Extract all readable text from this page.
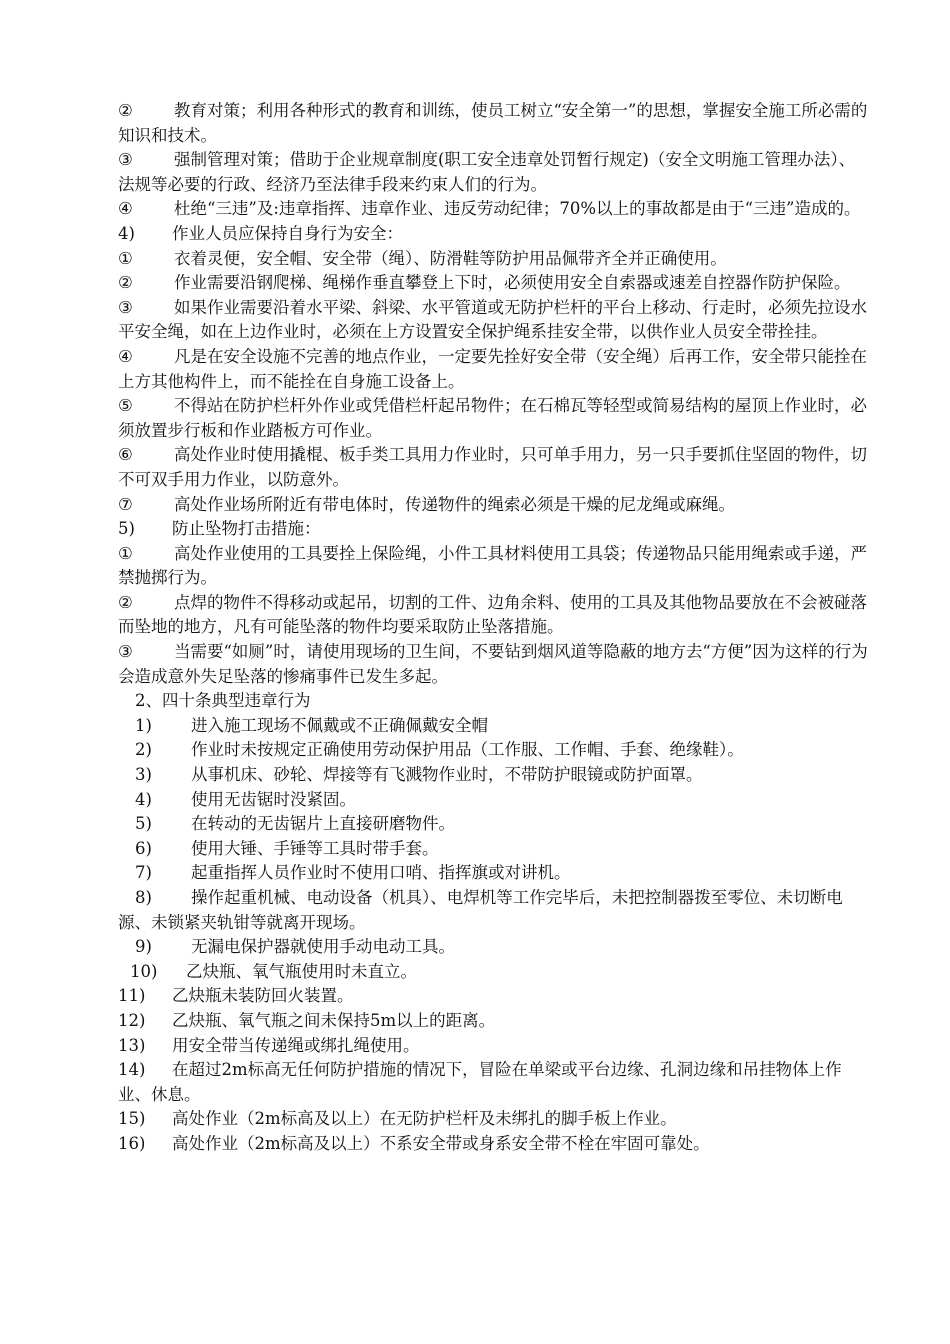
② 教育对策；利用各种形式的教育和训练，使员工树立“安全第一”的思想，掌握安全施工所必需的知识和技术。

③ 强制管理对策；借助于企业规章制度(职工安全违章处罚暂行规定)（安全文明施工管理办法）、法规等必要的行政、经济乃至法律手段来约束人们的行为。

④ 杜绝“三违”及:违章指挥、违章作业、违反劳动纪律；70%以上的事故都是由于“三违”造成的。

4) 作业人员应保持自身行为安全：

① 衣着灵便，安全帽、安全带（绳）、防滑鞋等防护用品佩带齐全并正确使用。

② 作业需要沿钢爬梯、绳梯作垂直攀登上下时，必须使用安全自索器或速差自控器作防护保险。

③ 如果作业需要沿着水平梁、斜梁、水平管道或无防护栏杆的平台上移动、行走时，必须先拉设水平安全绳，如在上边作业时，必须在上方设置安全保护绳系挂安全带，以供作业人员安全带拴挂。

④ 凡是在安全设施不完善的地点作业，一定要先拴好安全带（安全绳）后再工作，安全带只能拴在上方其他构件上，而不能拴在自身施工设备上。

⑤ 不得站在防护栏杆外作业或凭借栏杆起吊物件；在石棉瓦等轻型或简易结构的屋顶上作业时，必须放置步行板和作业踏板方可作业。

⑥ 高处作业时使用撬棍、板手类工具用力作业时，只可单手用力，另一只手要抓住坚固的物件，切不可双手用力作业，以防意外。

⑦ 高处作业场所附近有带电体时，传递物件的绳索必须是干燥的尼龙绳或麻绳。

5) 防止坠物打击措施：

① 高处作业使用的工具要拴上保险绳，小件工具材料使用工具袋；传递物品只能用绳索或手递，严禁抛掷行为。

② 点焊的物件不得移动或起吊，切割的工件、边角余料、使用的工具及其他物品要放在不会被碰落而坠地的地方，凡有可能坠落的物件均要采取防止坠落措施。

③ 当需要“如厕”时，请使用现场的卫生间，不要钻到烟风道等隐蔽的地方去“方便”因为这样的行为会造成意外失足坠落的惨痛事件已发生多起。

2、四十条典型违章行为

1) 进入施工现场不佩戴或不正确佩戴安全帽

2) 作业时未按规定正确使用劳动保护用品（工作服、工作帽、手套、绝缘鞋）。

3) 从事机床、砂轮、焊接等有飞溅物作业时，不带防护眼镜或防护面罩。

4) 使用无齿锯时没紧固。

5) 在转动的无齿锯片上直接研磨物件。

6) 使用大锤、手锤等工具时带手套。

7) 起重指挥人员作业时不使用口哨、指挥旗或对讲机。

8) 操作起重机械、电动设备（机具）、电焊机等工作完毕后，未把控制器拨至零位、未切断电源、未锁紧夹轨钳等就离开现场。

9) 无漏电保护器就使用手动电动工具。

10) 乙炔瓶、氧气瓶使用时未直立。

11) 乙炔瓶未装防回火装置。

12) 乙炔瓶、氧气瓶之间未保持5m以上的距离。

13) 用安全带当传递绳或绑扎绳使用。

14) 在超过2m标高无任何防护措施的情况下，冒险在单梁或平台边缘、孔洞边缘和吊挂物体上作业、休息。

15) 高处作业（2m标高及以上）在无防护栏杆及未绑扎的脚手板上作业。

16) 高处作业（2m标高及以上）不系安全带或身系安全带不栓在牢固可靠处。
